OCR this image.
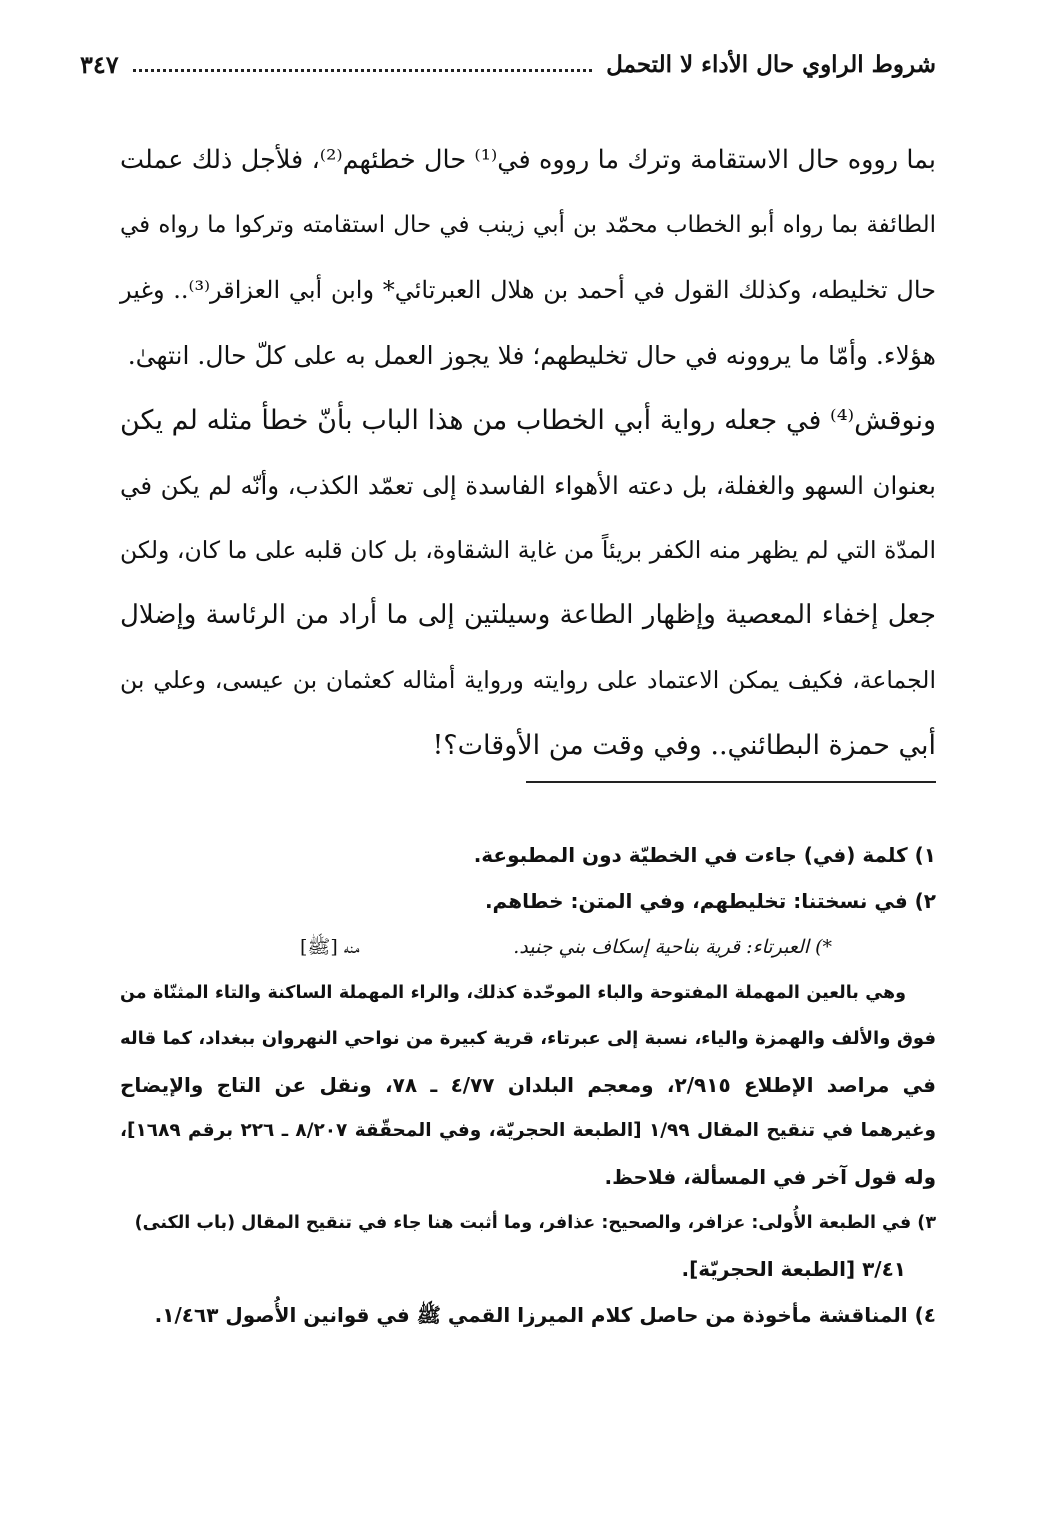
شروط الراوي حال الأداء لا التحمل
٣٤٧
بما رووه حال الاستقامة وترك ما رووه في⁽¹⁾ حال خطئهم⁽²⁾، فلأجل ذلك عملت
الطائفة بما رواه أبو الخطاب محمّد بن أبي زينب في حال استقامته وتركوا ما رواه في
حال تخليطه، وكذلك القول في أحمد بن هلال العبرتائي* وابن أبي العزاقر⁽³⁾.. وغير
هؤلاء. وأمّا ما يروونه في حال تخليطهم؛ فلا يجوز العمل به على كلّ حال. انتهىٰ.
ونوقش⁽⁴⁾ في جعله رواية أبي الخطاب من هذا الباب بأنّ خطأ مثله لم يكن
بعنوان السهو والغفلة، بل دعته الأهواء الفاسدة إلى تعمّد الكذب، وأنّه لم يكن في
المدّة التي لم يظهر منه الكفر بريئاً من غاية الشقاوة، بل كان قلبه على ما كان، ولكن
جعل إخفاء المعصية وإظهار الطاعة وسيلتين إلى ما أراد من الرئاسة وإضلال
الجماعة، فكيف يمكن الاعتماد على روايته ورواية أمثاله كعثمان بن عيسى، وعلي بن
أبي حمزة البطائني.. وفي وقت من الأوقات؟!
١) كلمة (في) جاءت في الخطيّة دون المطبوعة.
٢) في نسختنا: تخليطهم، وفي المتن: خطاهم.
*) العبرتاء: قرية بناحية إسكاف بني جنيد.
منه [ﷺ]
وهي بالعين المهملة المفتوحة والباء الموحّدة كذلك، والراء المهملة الساكنة والتاء المثنّاة من
فوق والألف والهمزة والياء، نسبة إلى عبرتاء، قرية كبيرة من نواحي النهروان ببغداد، كما قاله
في مراصد الإطلاع ٢/٩١٥، ومعجم البلدان ٤/٧٧ ـ ٧٨، ونقل عن التاج والإيضاح
وغيرهما في تنقيح المقال ١/٩٩ [الطبعة الحجريّة، وفي المحقّقة ٨/٢٠٧ ـ ٢٢٦ برقم ١٦٨٩]،
وله قول آخر في المسألة، فلاحظ.
٣) في الطبعة الأُولى: عزافر، والصحيح: عذافر، وما أثبت هنا جاء في تنقيح المقال (باب الكنى)
٣/٤١ [الطبعة الحجريّة].
٤) المناقشة مأخوذة من حاصل كلام الميرزا القمي ﷺ في قوانين الأُصول ١/٤٦٣.
